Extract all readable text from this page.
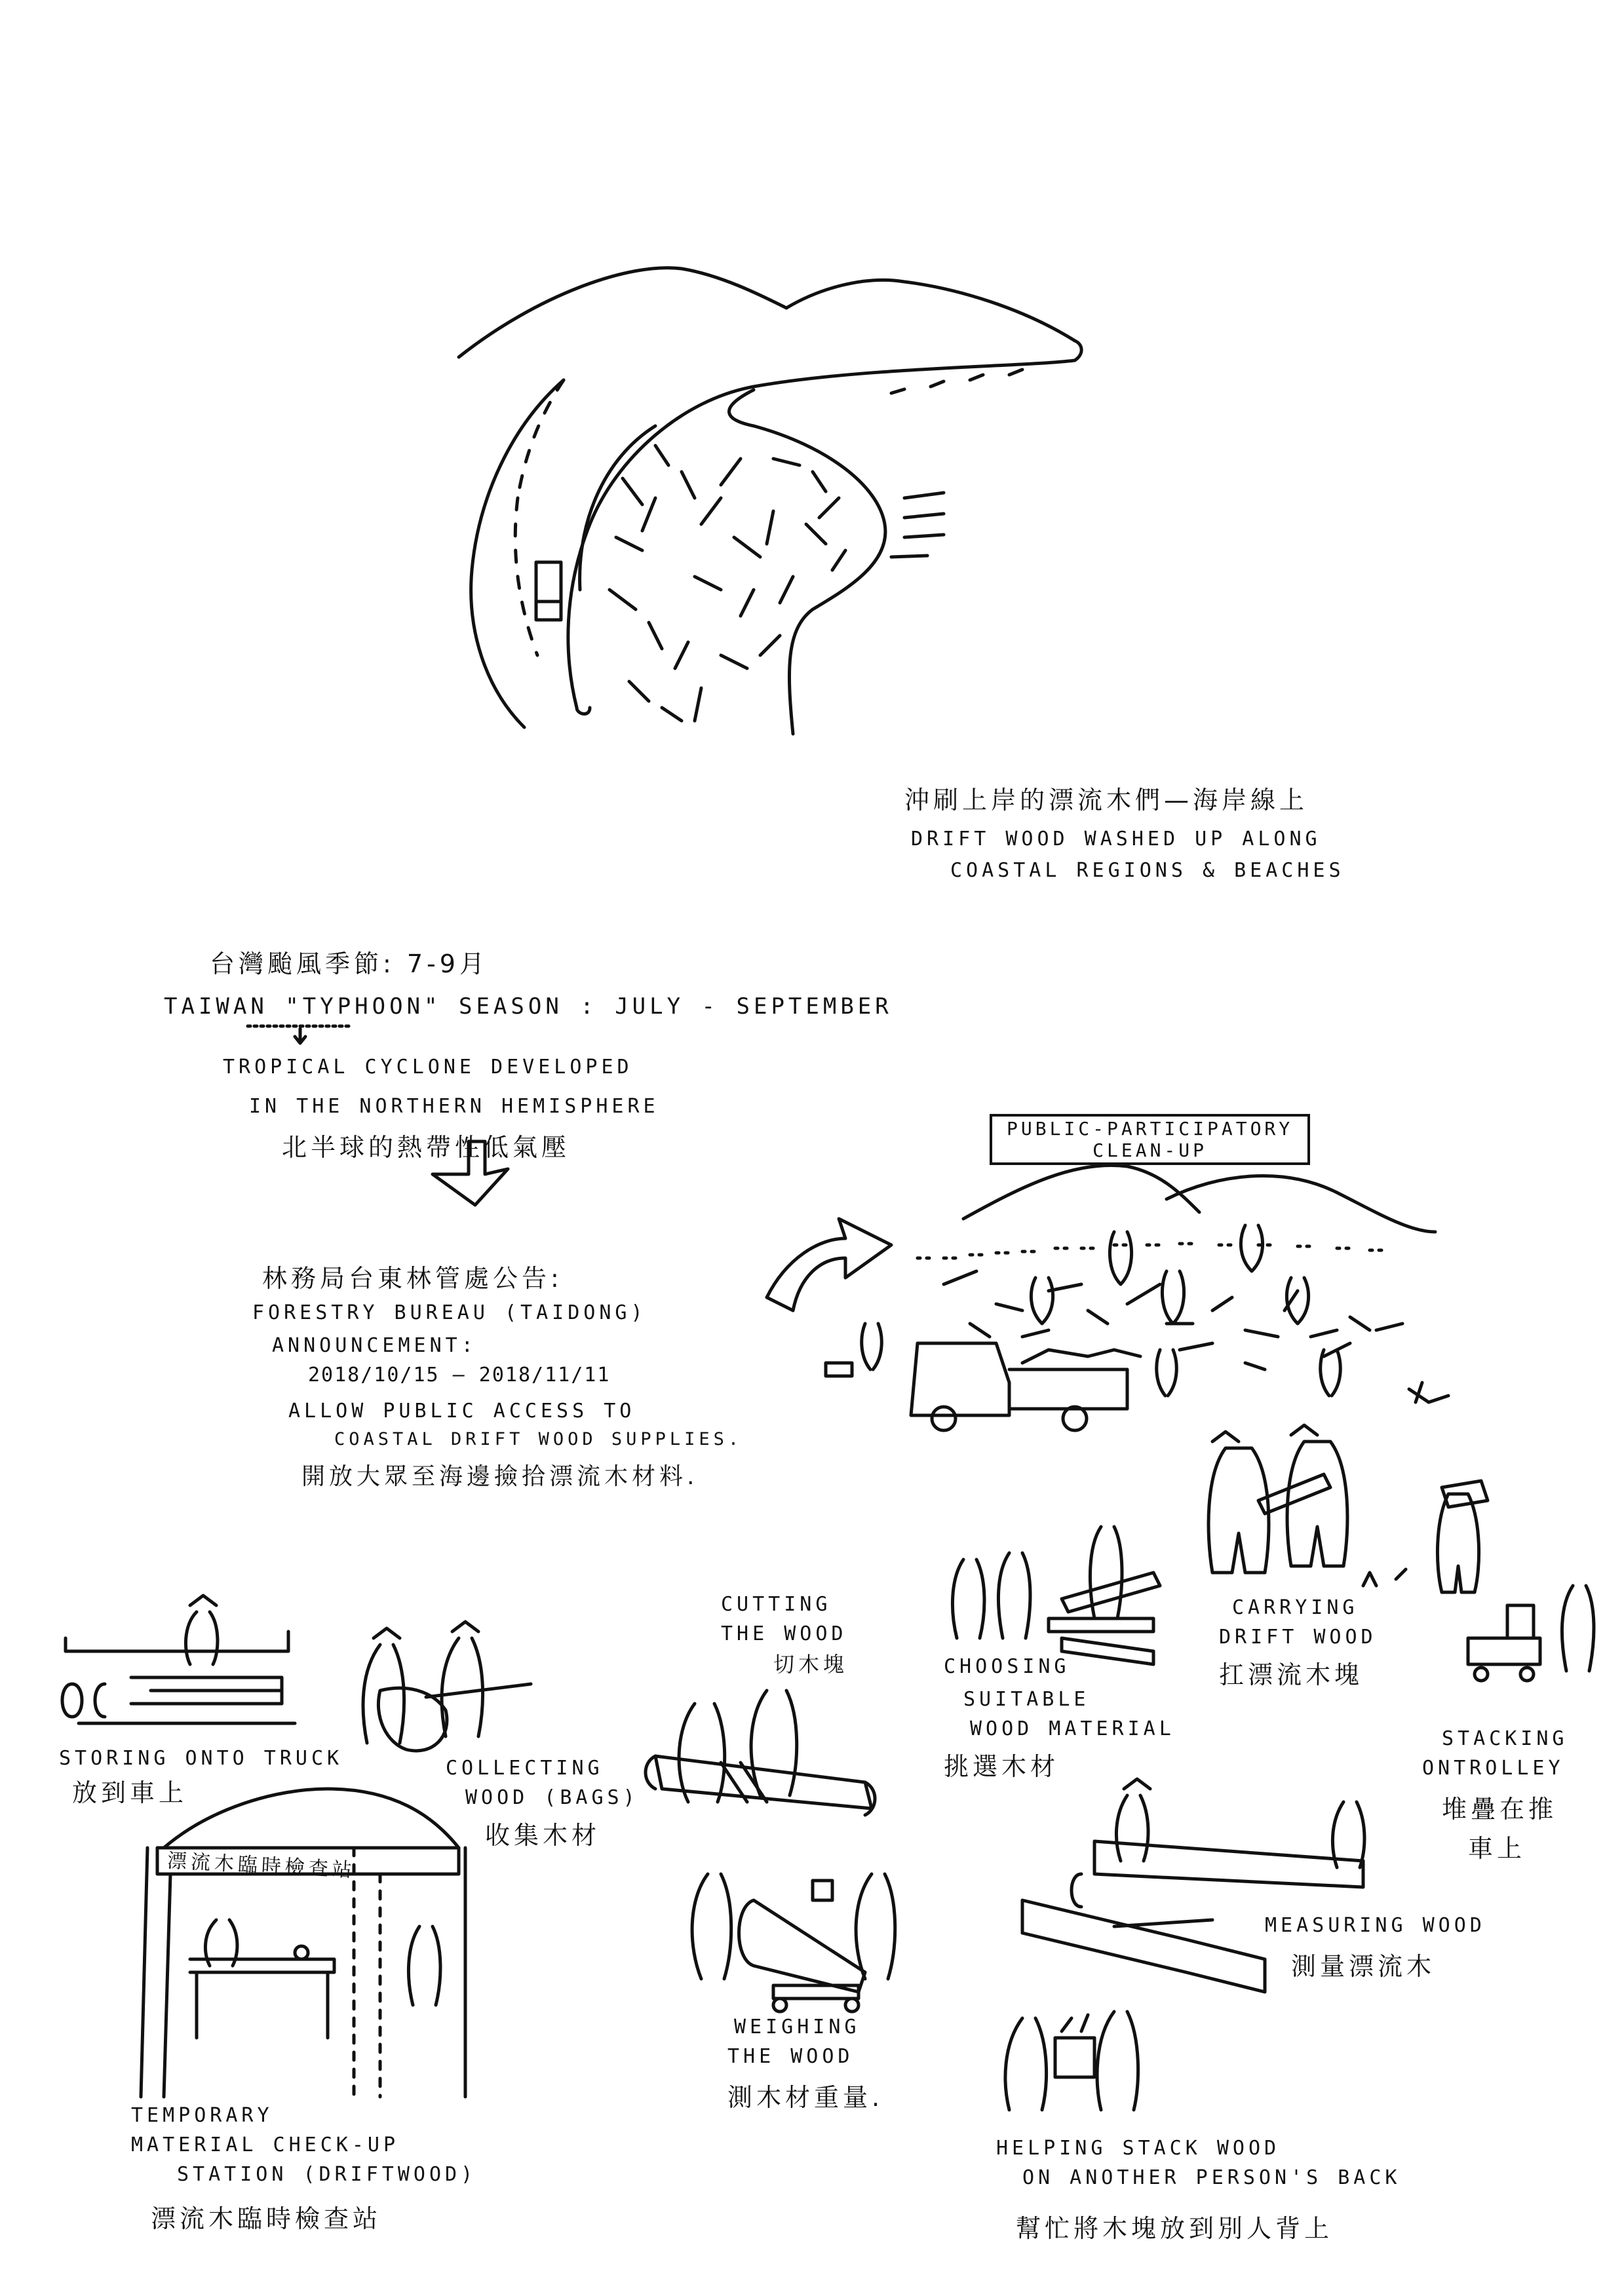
沖刷上岸的漂流木們—海岸線上
DRIFT WOOD WASHED UP ALONG
COASTAL REGIONS & BEACHES
台灣颱風季節: 7-9月
TAIWAN "TYPHOON" SEASON : JULY - SEPTEMBER
TROPICAL CYCLONE DEVELOPED
IN THE NORTHERN HEMISPHERE
北半球的熱帶性低氣壓
林務局台東林管處公告:
FORESTRY BUREAU (TAIDONG)
ANNOUNCEMENT:
2018/10/15 — 2018/11/11
ALLOW PUBLIC ACCESS TO
COASTAL DRIFT WOOD SUPPLIES.
開放大眾至海邊撿拾漂流木材料.
PUBLIC-PARTICIPATORY
CLEAN-UP
CARRYING
DRIFT WOOD
扛漂流木塊
CHOOSING
SUITABLE
WOOD MATERIAL
挑選木材
CUTTING
THE WOOD
切木塊
STORING ONTO TRUCK
放到車上
COLLECTING
WOOD (BAGS)
收集木材
STACKING
ONTROLLEY
堆疊在推
車上
MEASURING WOOD
測量漂流木
WEIGHING
THE WOOD
測木材重量.
漂流木臨時檢查站
TEMPORARY
MATERIAL CHECK-UP
STATION (DRIFTWOOD)
漂流木臨時檢查站
HELPING STACK WOOD
ON ANOTHER PERSON'S BACK
幫忙將木塊放到別人背上
